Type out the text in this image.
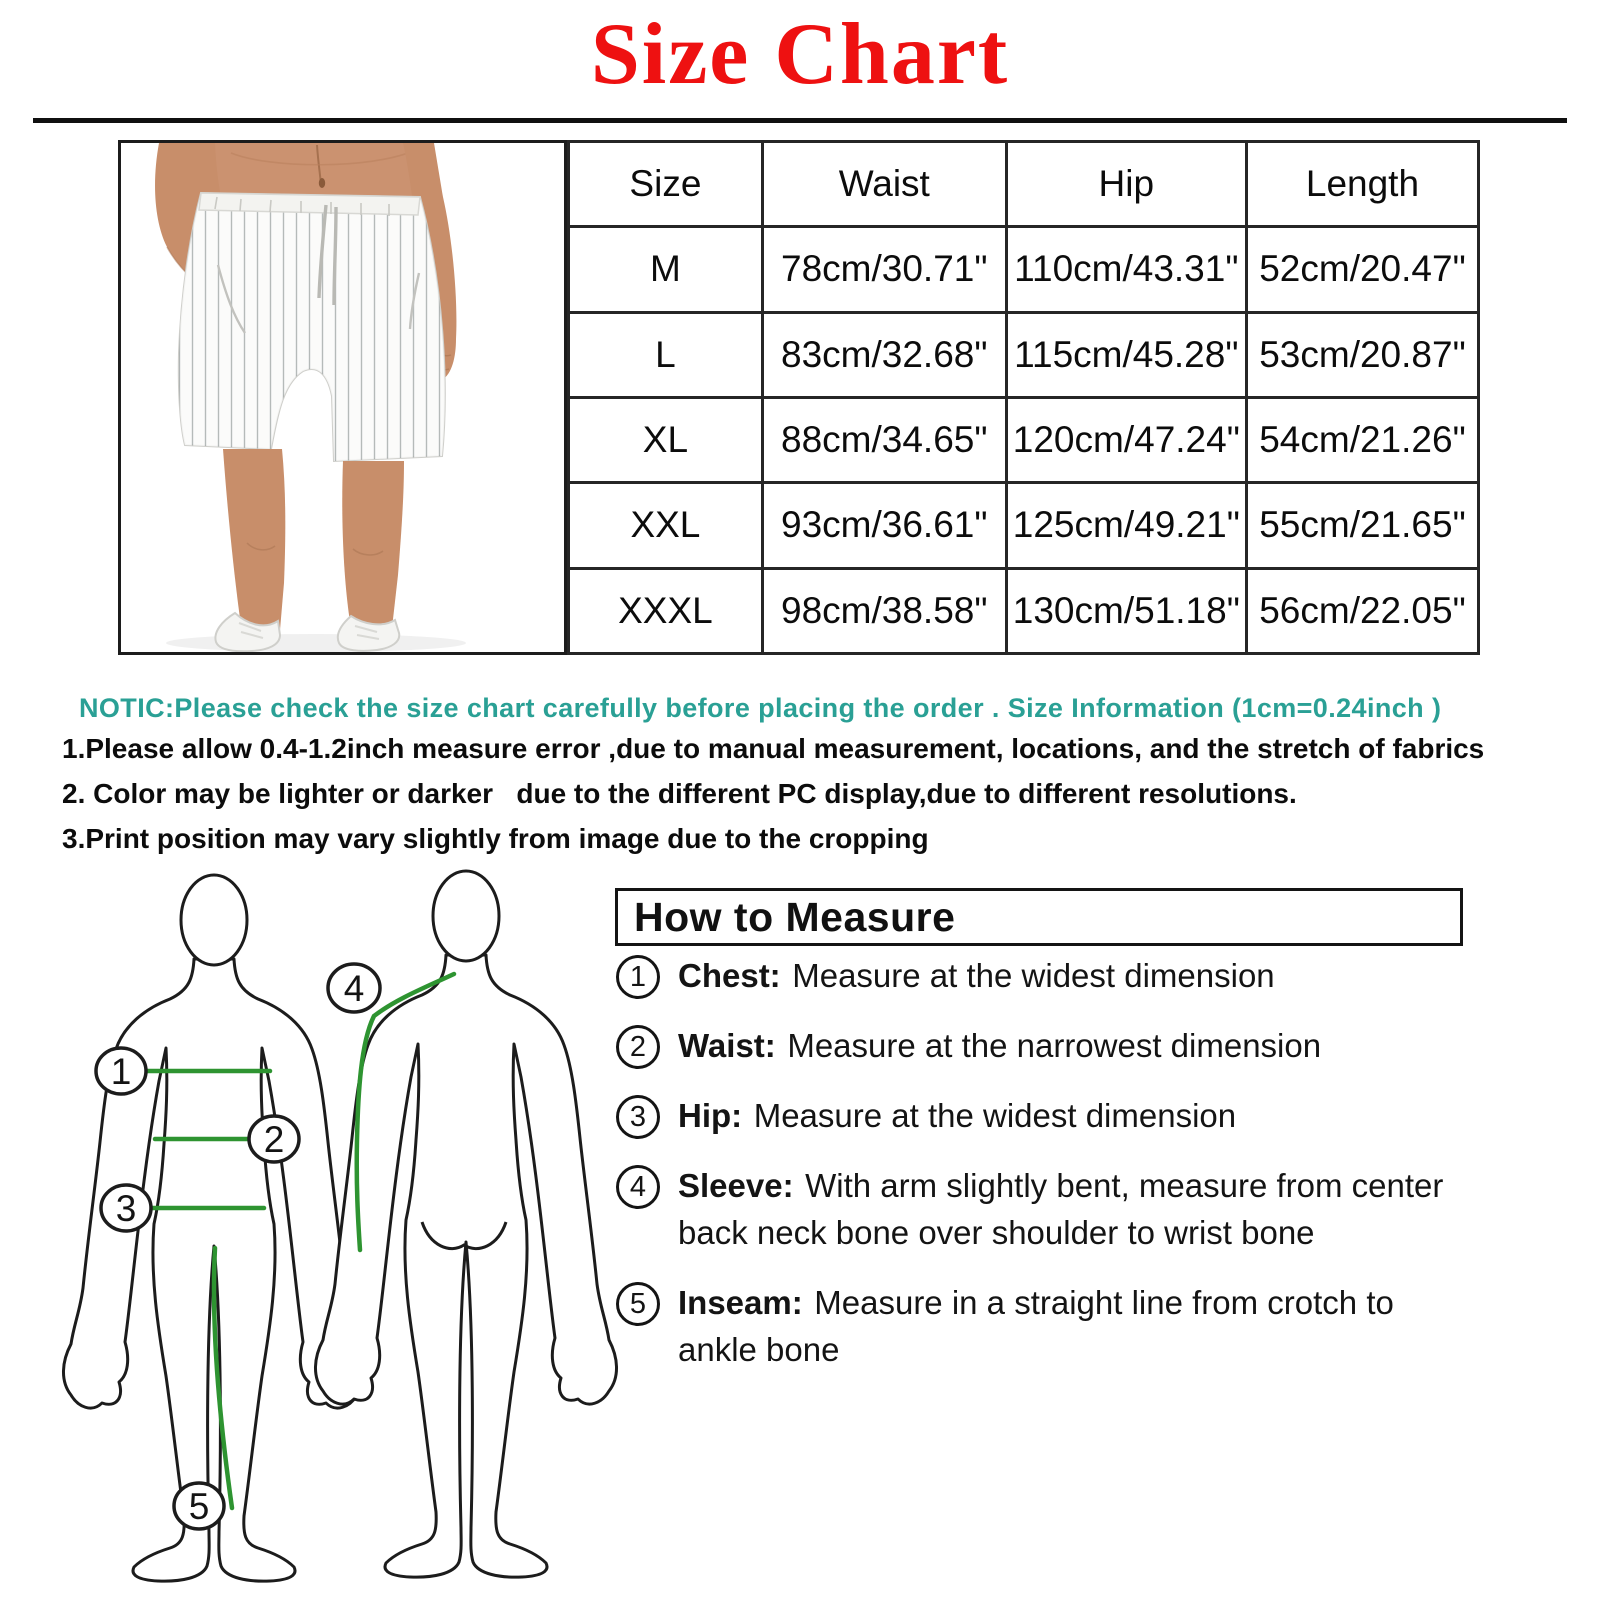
Size Chart
Size	Waist	Hip	Length
M	78cm/30.71"	110cm/43.31"	52cm/20.47"
L	83cm/32.68"	115cm/45.28"	53cm/20.87"
XL	88cm/34.65"	120cm/47.24"	54cm/21.26"
XXL	93cm/36.61"	125cm/49.21"	55cm/21.65"
XXXL	98cm/38.58"	130cm/51.18"	56cm/22.05"
NOTIC:Please check the size chart carefully before placing the order . Size Information (1cm=0.24inch )

1.Please allow 0.4-1.2inch measure error ,due to manual measurement, locations, and the stretch of fabrics

2. Color may be lighter or darker   due to the different PC display,due to different resolutions.

3.Print position may vary slightly from image due to the cropping

1
2
3
4
5
How to Measure
1 Chest: Measure at the widest dimension
2 Waist: Measure at the narrowest dimension
3 Hip: Measure at the widest dimension
4 Sleeve: With arm slightly bent, measure from center back neck bone over shoulder to wrist bone
5 Inseam: Measure in a straight line from crotch to ankle bone
